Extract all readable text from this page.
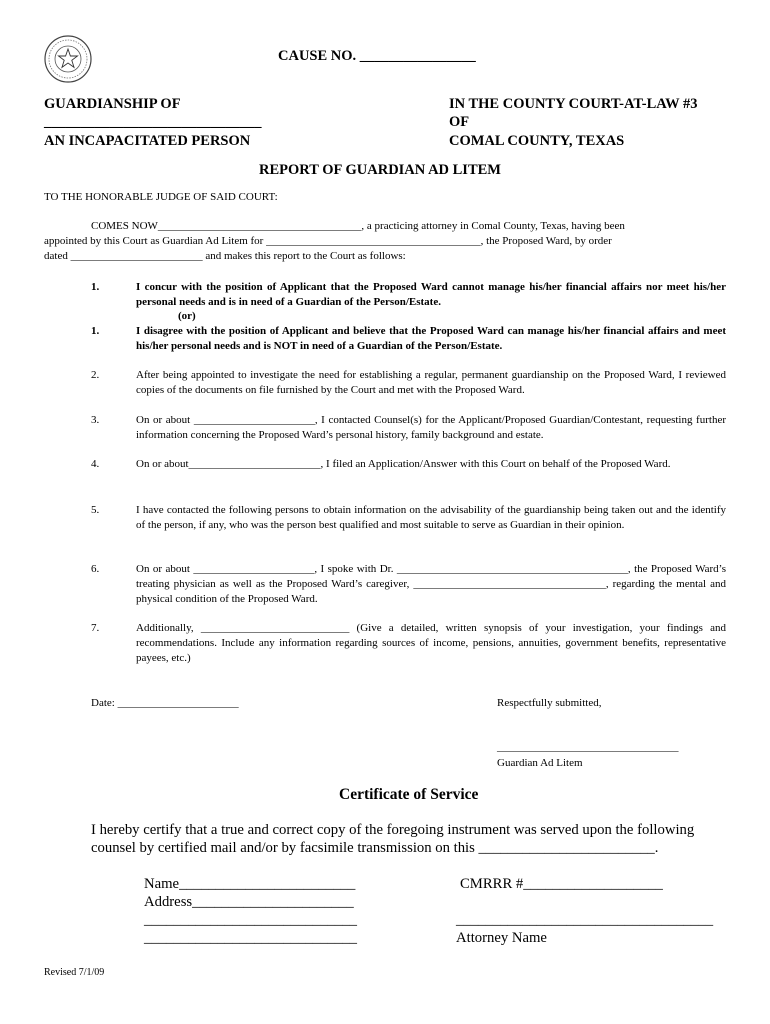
CAUSE NO. ________________
GUARDIANSHIP OF
______________________________
AN INCAPACITATED PERSON
IN THE COUNTY COURT-AT-LAW #3
OF
COMAL COUNTY, TEXAS
REPORT OF GUARDIAN AD LITEM
TO THE HONORABLE JUDGE OF SAID COURT:
COMES NOW_____________________________________, a practicing attorney in Comal County, Texas, having been
appointed by this Court as Guardian Ad Litem for _______________________________________, the Proposed Ward, by order
dated ________________________ and makes this report to the Court as follows:
1.	I concur with the position of Applicant that the Proposed Ward cannot manage his/her financial affairs nor meet his/her personal needs and is in need of a Guardian of the Person/Estate.
(or)
1.	I disagree with the position of Applicant and believe that the Proposed Ward can manage his/her financial affairs and meet his/her personal needs and is NOT in need of a Guardian of the Person/Estate.
2.	After being appointed to investigate the need for establishing a regular, permanent guardianship on the Proposed Ward, I reviewed copies of the documents on file furnished by the Court and met with the Proposed Ward.
3.	On or about ______________________, I contacted Counsel(s) for the Applicant/Proposed Guardian/Contestant, requesting further information concerning the Proposed Ward’s personal history, family background and estate.
4.	On or about________________________, I filed an Application/Answer with this Court on behalf of the Proposed Ward.
5.	I have contacted the following persons to obtain information on the advisability of the guardianship being taken out and the identify of the person, if any, who was the person best qualified and most suitable to serve as Guardian in their opinion.
6.	On or about ______________________, I spoke with Dr. __________________________________________, the Proposed Ward’s treating physician as well as the Proposed Ward’s caregiver, ___________________________________, regarding the mental and physical condition of the Proposed Ward.
7.	Additionally, ___________________________ (Give a detailed, written synopsis of your investigation, your findings and recommendations. Include any information regarding sources of income, pensions, annuities, government benefits, representative payees, etc.)
Date: ______________________	Respectfully submitted,
_________________________________
Guardian Ad Litem
Certificate of Service
I hereby certify that a true and correct copy of the foregoing instrument was served upon the following
counsel by certified mail and/or by facsimile transmission on this ________________________.
Name________________________
Address______________________
_____________________________
_____________________________
CMRRR #___________________
___________________________________
Attorney Name
Revised 7/1/09
